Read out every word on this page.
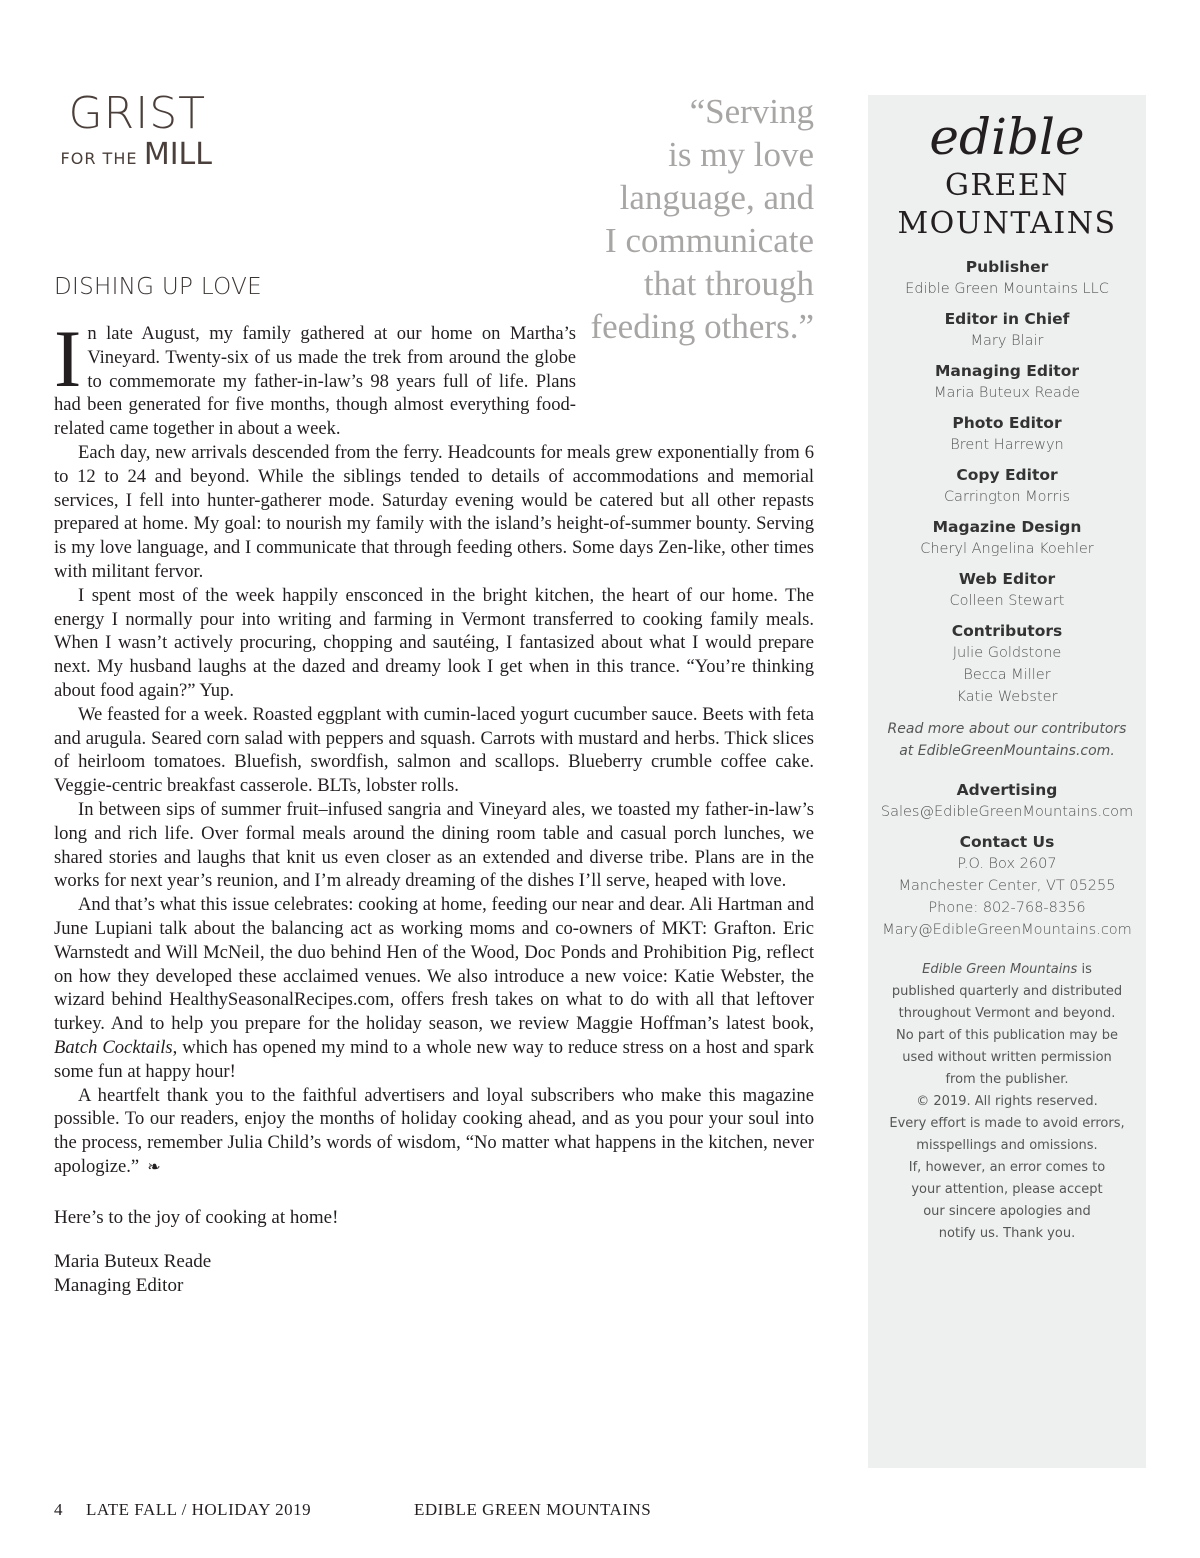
GRIST
FOR THE MILL
“Serving
is my love
language, and
I communicate
that through
feeding others.”
DISHING UP LOVE

In late August, my family gathered at our home on Martha’s Vineyard. Twenty-six of us made the trek from around the globe to commemorate my father-in-law’s 98 years full of life. Plans had been generated for five months, though almost everything food-related came together in about a week.

Each day, new arrivals descended from the ferry. Headcounts for meals grew exponentially from 6 to 12 to 24 and beyond. While the siblings tended to details of accommodations and memorial services, I fell into hunter-gatherer mode. Saturday evening would be catered but all other repasts prepared at home. My goal: to nourish my family with the island’s height-of-summer bounty. Serving is my love language, and I communicate that through feeding others. Some days Zen-like, other times with militant fervor.

I spent most of the week happily ensconced in the bright kitchen, the heart of our home. The energy I normally pour into writing and farming in Vermont transferred to cooking family meals. When I wasn’t actively procuring, chopping and sautéing, I fantasized about what I would prepare next. My husband laughs at the dazed and dreamy look I get when in this trance. “You’re thinking about food again?” Yup.

We feasted for a week. Roasted eggplant with cumin-laced yogurt cucumber sauce. Beets with feta and arugula. Seared corn salad with peppers and squash. Carrots with mustard and herbs. Thick slices of heirloom tomatoes. Bluefish, swordfish, salmon and scallops. Blueberry crumble coffee cake. Veggie-centric breakfast casserole. BLTs, lobster rolls.

In between sips of summer fruit–infused sangria and Vineyard ales, we toasted my father-in-law’s long and rich life. Over formal meals around the dining room table and casual porch lunches, we shared stories and laughs that knit us even closer as an extended and diverse tribe. Plans are in the works for next year’s reunion, and I’m already dreaming of the dishes I’ll serve, heaped with love.

And that’s what this issue celebrates: cooking at home, feeding our near and dear. Ali Hartman and June Lupiani talk about the balancing act as working moms and co-owners of MKT: Grafton. Eric Warnstedt and Will McNeil, the duo behind Hen of the Wood, Doc Ponds and Prohibition Pig, reflect on how they developed these acclaimed venues. We also introduce a new voice: Katie Webster, the wizard behind HealthySeasonalRecipes.com, offers fresh takes on what to do with all that leftover turkey. And to help you prepare for the holiday season, we review Maggie Hoffman’s latest book, Batch Cocktails, which has opened my mind to a whole new way to reduce stress on a host and spark some fun at happy hour!

A heartfelt thank you to the faithful advertisers and loyal subscribers who make this magazine possible. To our readers, enjoy the months of holiday cooking ahead, and as you pour your soul into the process, remember Julia Child’s words of wisdom, “No matter what happens in the kitchen, never apologize.” ❧

Here’s to the joy of cooking at home!

Maria Buteux Reade
Managing Editor
edible
GREEN
MOUNTAINS
Publisher
Edible Green Mountains LLC
Editor in Chief
Mary Blair
Managing Editor
Maria Buteux Reade
Photo Editor
Brent Harrewyn
Copy Editor
Carrington Morris
Magazine Design
Cheryl Angelina Koehler
Web Editor
Colleen Stewart
Contributors
Julie Goldstone
Becca Miller
Katie Webster
Read more about our contributors
at EdibleGreenMountains.com.
Advertising
Sales@EdibleGreenMountains.com
Contact Us
P.O. Box 2607
Manchester Center, VT 05255
Phone: 802-768-8356
Mary@EdibleGreenMountains.com
Edible Green Mountains is
published quarterly and distributed
throughout Vermont and beyond.
No part of this publication may be
used without written permission
from the publisher.
© 2019. All rights reserved.
Every effort is made to avoid errors,
misspellings and omissions.
If, however, an error comes to
your attention, please accept
our sincere apologies and
notify us. Thank you.
4 LATE FALL / HOLIDAY 2019	EDIBLE GREEN MOUNTAINS
